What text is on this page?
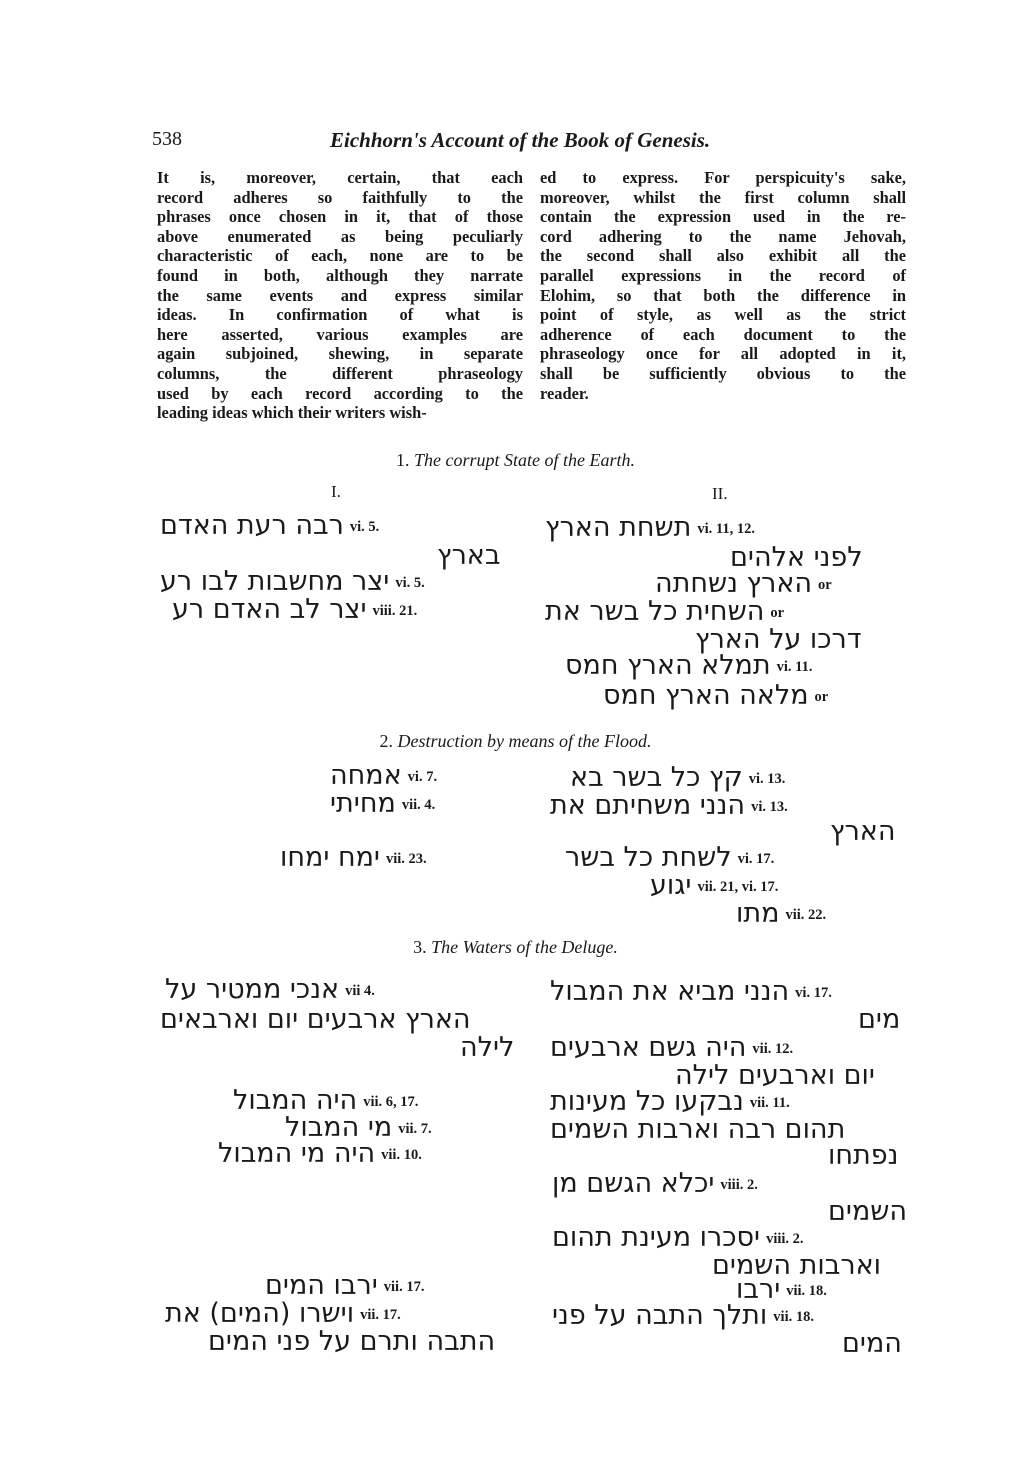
538	Eichhorn's Account of the Book of Genesis.
It is, moreover, certain, that each
record adheres so faithfully to the
phrases once chosen in it, that of those
above enumerated as being peculiarly
characteristic of each, none are to be
found in both, although they narrate
the same events and express similar
ideas. In confirmation of what is
here asserted, various examples are
again subjoined, shewing, in separate
columns, the different phraseology
used by each record according to the
leading ideas which their writers wish-
ed to express. For perspicuity's sake,
moreover, whilst the first column shall
contain the expression used in the re-
cord adhering to the name Jehovah,
the second shall also exhibit all the
parallel expressions in the record of
Elohim, so that both the difference in
point of style, as well as the strict
adherence of each document to the
phraseology once for all adopted in it,
shall be sufficiently obvious to the
reader.
1. The corrupt State of the Earth.
I.	II.
רבה רעת האדם vi. 5.
בארץ
יצר מחשבות לבו רע vi. 5.
יצר לב האדם רע viii. 21.
תשחת הארץ vi. 11, 12.
לפני אלהים
הארץ נשחתה or
השחית כל בשר את or
דרכו על הארץ
תמלא הארץ חמס vi. 11.
מלאה הארץ חמס or
2. Destruction by means of the Flood.
אמחה vi. 7.
מחיתי vii. 4.
ימח ימחו vii. 23.
קץ כל בשר בא vi. 13.
הנני משחיתם את vi. 13.
הארץ
לשחת כל בשר vi. 17.
יגוע vii. 21, vi. 17.
מתו vii. 22.
3. The Waters of the Deluge.
אנכי ממטיר על vii 4.
הארץ ארבעים יום וארבאים
לילה
היה המבול vii. 6, 17.
מי המבול vii. 7.
היה מי המבול vii. 10.
ירבו המים vii. 17.
וישרו (המים) את vii. 17.
התבה ותרם על פני המים
הנני מביא את המבול vi. 17.
מים
היה גשם ארבעים vii. 12.
יום וארבעים לילה
נבקעו כל מעינות vii. 11.
תהום רבה וארבות השמים
נפתחו
יכלא הגשם מן viii. 2.
השמים
יסכרו מעינת תהום viii. 2.
וארבות השמים
ירבו vii. 18.
ותלך התבה על פני vii. 18.
המים
